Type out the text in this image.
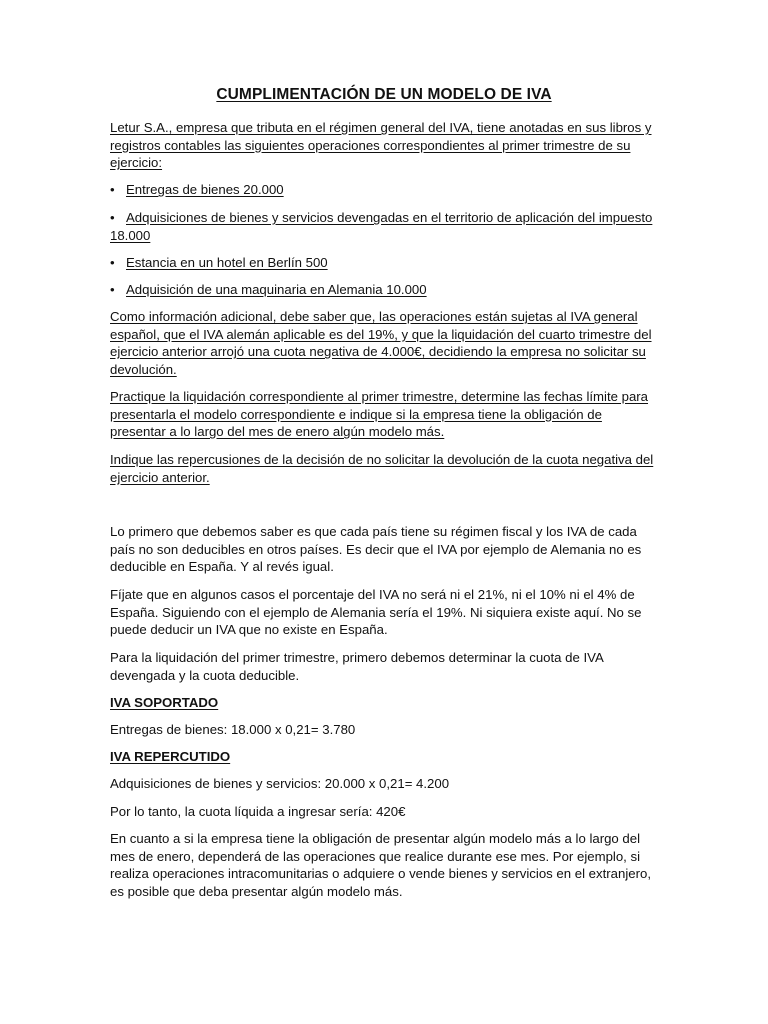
CUMPLIMENTACIÓN DE UN MODELO DE IVA
Letur S.A., empresa que tributa en el régimen general del IVA, tiene anotadas en sus libros y registros contables las siguientes operaciones correspondientes al primer trimestre de su ejercicio:
• Entregas de bienes 20.000
• Adquisiciones de bienes y servicios devengadas en el territorio de aplicación del impuesto 18.000
• Estancia en un hotel en Berlín 500
• Adquisición de una maquinaria en Alemania 10.000
Como información adicional, debe saber que, las operaciones están sujetas al IVA general español, que el IVA alemán aplicable es del 19%, y que la liquidación del cuarto trimestre del ejercicio anterior arrojó una cuota negativa de 4.000€, decidiendo la empresa no solicitar su devolución.
Practique la liquidación correspondiente al primer trimestre, determine las fechas límite para presentarla el modelo correspondiente e indique si la empresa tiene la obligación de presentar a lo largo del mes de enero algún modelo más.
Indique las repercusiones de la decisión de no solicitar la devolución de la cuota negativa del ejercicio anterior.
Lo primero que debemos saber es que cada país tiene su régimen fiscal y los IVA de cada país no son deducibles en otros países. Es decir que el IVA por ejemplo de Alemania no es deducible en España. Y al revés igual.
Fíjate que en algunos casos el porcentaje del IVA no será ni el 21%, ni el 10% ni el 4% de España. Siguiendo con el ejemplo de Alemania sería el 19%. Ni siquiera existe aquí. No se puede deducir un IVA que no existe en España.
Para la liquidación del primer trimestre, primero debemos determinar la cuota de IVA devengada y la cuota deducible.
IVA SOPORTADO
Entregas de bienes: 18.000 x 0,21= 3.780
IVA REPERCUTIDO
Adquisiciones de bienes y servicios: 20.000 x 0,21= 4.200
Por lo tanto, la cuota líquida a ingresar sería: 420€
En cuanto a si la empresa tiene la obligación de presentar algún modelo más a lo largo del mes de enero, dependerá de las operaciones que realice durante ese mes. Por ejemplo, si realiza operaciones intracomunitarias o adquiere o vende bienes y servicios en el extranjero, es posible que deba presentar algún modelo más.
